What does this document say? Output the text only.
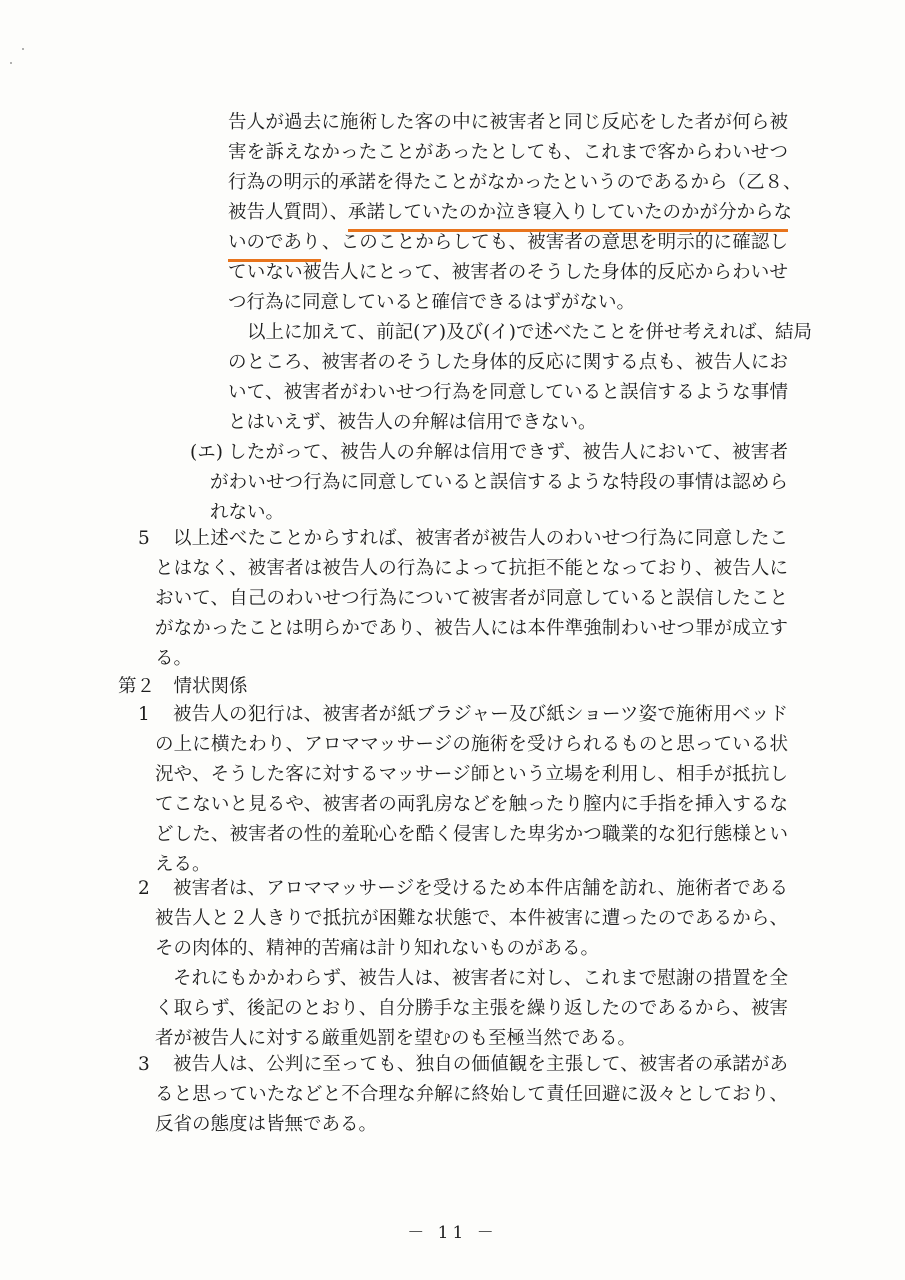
告人が過去に施術した客の中に被害者と同じ反応をした者が何ら被
害を訴えなかったことがあったとしても、これまで客からわいせつ
行為の明示的承諾を得たことがなかったというのであるから（乙８、
被告人質問）、 承諾していたのか泣き寝入りしていたのかが分からな
いのであり 、このことからしても、被害者の意思を明示的に確認し
ていない被告人にとって、被害者のそうした身体的反応からわいせ
つ行為に同意していると確信できるはずがない。
以上に加えて、前記(ア)及び(イ)で述べたことを併せ考えれば、結局
のところ、被害者のそうした身体的反応に関する点も、被告人にお
いて、被害者がわいせつ行為を同意していると誤信するような事情
とはいえず、被告人の弁解は信用できない。
(エ) したがって、被告人の弁解は信用できず、被告人において、被害者
がわいせつ行為に同意していると誤信するような特段の事情は認めら
れない。
5 以上述べたことからすれば、被害者が被告人のわいせつ行為に同意したこ
とはなく、被害者は被告人の行為によって抗拒不能となっており、被告人に
おいて、自己のわいせつ行為について被害者が同意していると誤信したこと
がなかったことは明らかであり、被告人には本件準強制わいせつ罪が成立す
る。
第２　情状関係
1 被告人の犯行は、被害者が紙ブラジャー及び紙ショーツ姿で施術用ベッド
の上に横たわり、アロママッサージの施術を受けられるものと思っている状
況や、そうした客に対するマッサージ師という立場を利用し、相手が抵抗し
てこないと見るや、被害者の両乳房などを触ったり膣内に手指を挿入するな
どした、被害者の性的羞恥心を酷く侵害した卑劣かつ職業的な犯行態様とい
える。
2 被害者は、アロママッサージを受けるため本件店舗を訪れ、施術者である
被告人と２人きりで抵抗が困難な状態で、本件被害に遭ったのであるから、
その肉体的、精神的苦痛は計り知れないものがある。
それにもかかわらず、被告人は、被害者に対し、これまで慰謝の措置を全
く取らず、後記のとおり、自分勝手な主張を繰り返したのであるから、被害
者が被告人に対する厳重処罰を望むのも至極当然である。
3 被告人は、公判に至っても、独自の価値観を主張して、被害者の承諾があ
ると思っていたなどと不合理な弁解に終始して責任回避に汲々としており、
反省の態度は皆無である。
－ 11 －
